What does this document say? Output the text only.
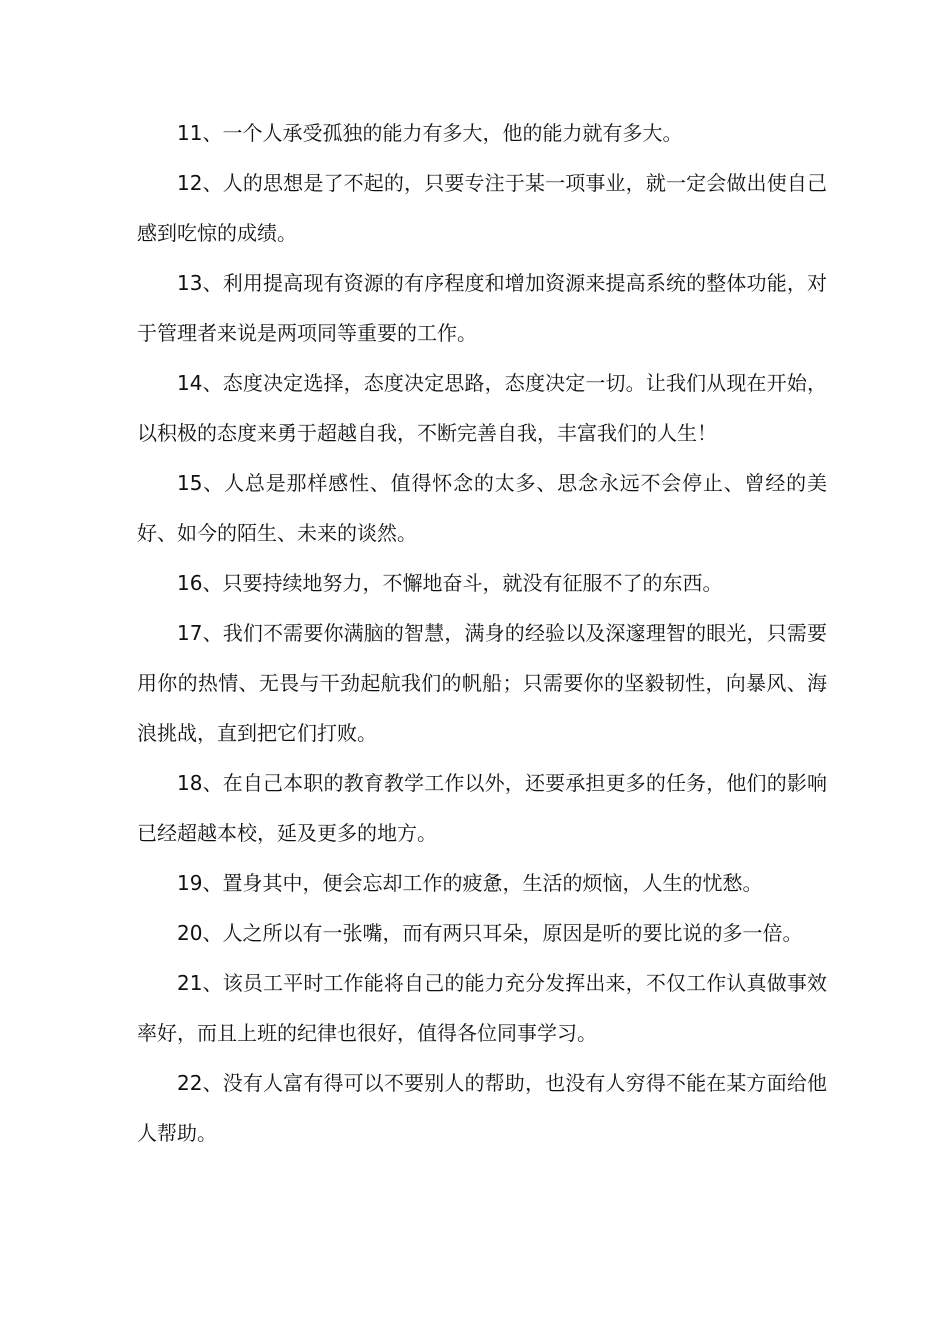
11、一个人承受孤独的能力有多大，他的能力就有多大。

12、人的思想是了不起的，只要专注于某一项事业，就一定会做出使自己感到吃惊的成绩。

13、利用提高现有资源的有序程度和增加资源来提高系统的整体功能，对于管理者来说是两项同等重要的工作。

14、态度决定选择，态度决定思路，态度决定一切。让我们从现在开始，以积极的态度来勇于超越自我，不断完善自我，丰富我们的人生！

15、人总是那样感性、值得怀念的太多、思念永远不会停止、曾经的美好、如今的陌生、未来的谈然。

16、只要持续地努力，不懈地奋斗，就没有征服不了的东西。

17、我们不需要你满脑的智慧，满身的经验以及深邃理智的眼光，只需要用你的热情、无畏与干劲起航我们的帆船；只需要你的坚毅韧性，向暴风、海浪挑战，直到把它们打败。

18、在自己本职的教育教学工作以外，还要承担更多的任务，他们的影响已经超越本校，延及更多的地方。

19、置身其中，便会忘却工作的疲惫，生活的烦恼，人生的忧愁。

20、人之所以有一张嘴，而有两只耳朵，原因是听的要比说的多一倍。

21、该员工平时工作能将自己的能力充分发挥出来，不仅工作认真做事效率好，而且上班的纪律也很好，值得各位同事学习。

22、没有人富有得可以不要别人的帮助，也没有人穷得不能在某方面给他人帮助。
